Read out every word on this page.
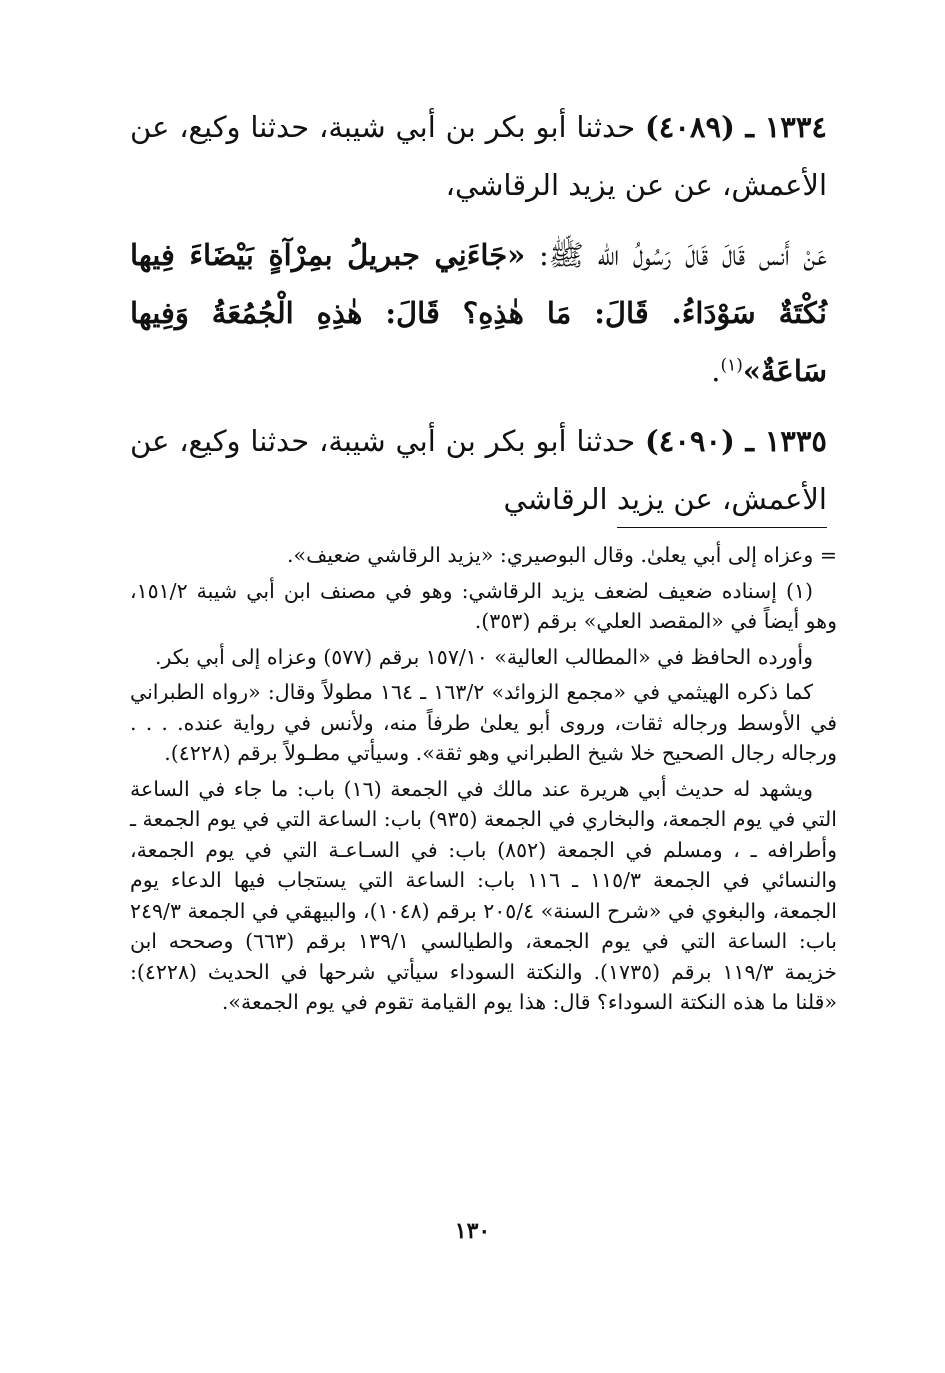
١٣٣٤ ـ (٤٠٨٩) حدثنا أبو بكر بن أبي شيبة، حدثنا وكيع، عن الأعمش، عن عن يزيد الرقاشي،

عَنْ أَنس قَالَ قَالَ رَسُولُ الله ﷺ: «جَاءَنِي جبريلُ بمِرْآةٍ بَيْضَاءَ فِيها نُكْتَةٌ سَوْدَاءُ. قَالَ: مَا هٰذِهِ؟ قَالَ: هٰذِهِ الْجُمُعَةُ وَفِيها سَاعَةٌ»$^{(١)}$.

١٣٣٥ ـ (٤٠٩٠) حدثنا أبو بكر بن أبي شيبة، حدثنا وكيع، عن الأعمش، عن يزيد الرقاشي

= وعزاه إلى أبي يعلىٰ. وقال البوصيري: «يزيد الرقاشي ضعيف».

(١) إسناده ضعيف لضعف يزيد الرقاشي: وهو في مصنف ابن أبي شيبة ١٥١/٢، وهو أيضاً في «المقصد العلي» برقم (٣٥٣).

وأورده الحافظ في «المطالب العالية» ١٥٧/١٠ برقم (٥٧٧) وعزاه إلى أبي بكر.

كما ذكره الهيثمي في «مجمع الزوائد» ١٦٣/٢ ـ ١٦٤ مطولاً وقال: «رواه الطبراني في الأوسط ورجاله ثقات، وروى أبو يعلىٰ طرفاً منه، ولأنس في رواية عنده. . . . ورجاله رجال الصحيح خلا شيخ الطبراني وهو ثقة». وسيأتي مطـولاً برقم (٤٢٢٨).

ويشهد له حديث أبي هريرة عند مالك في الجمعة (١٦) باب: ما جاء في الساعة التي في يوم الجمعة، والبخاري في الجمعة (٩٣٥) باب: الساعة التي في يوم الجمعة ـ وأطرافه ـ ، ومسلم في الجمعة (٨٥٢) باب: في السـاعـة التي في يوم الجمعة، والنسائي في الجمعة ١١٥/٣ ـ ١١٦ باب: الساعة التي يستجاب فيها الدعاء يوم الجمعة، والبغوي في «شرح السنة» ٢٠٥/٤ برقم (١٠٤٨)، والبيهقي في الجمعة ٢٤٩/٣ باب: الساعة التي في يوم الجمعة، والطيالسي ١٣٩/١ برقم (٦٦٣) وصححه ابن خزيمة ١١٩/٣ برقم (١٧٣٥). والنكتة السوداء سيأتي شرحها في الحديث (٤٢٢٨): «قلنا ما هذه النكتة السوداء؟ قال: هذا يوم القيامة تقوم في يوم الجمعة».

١٣٠
